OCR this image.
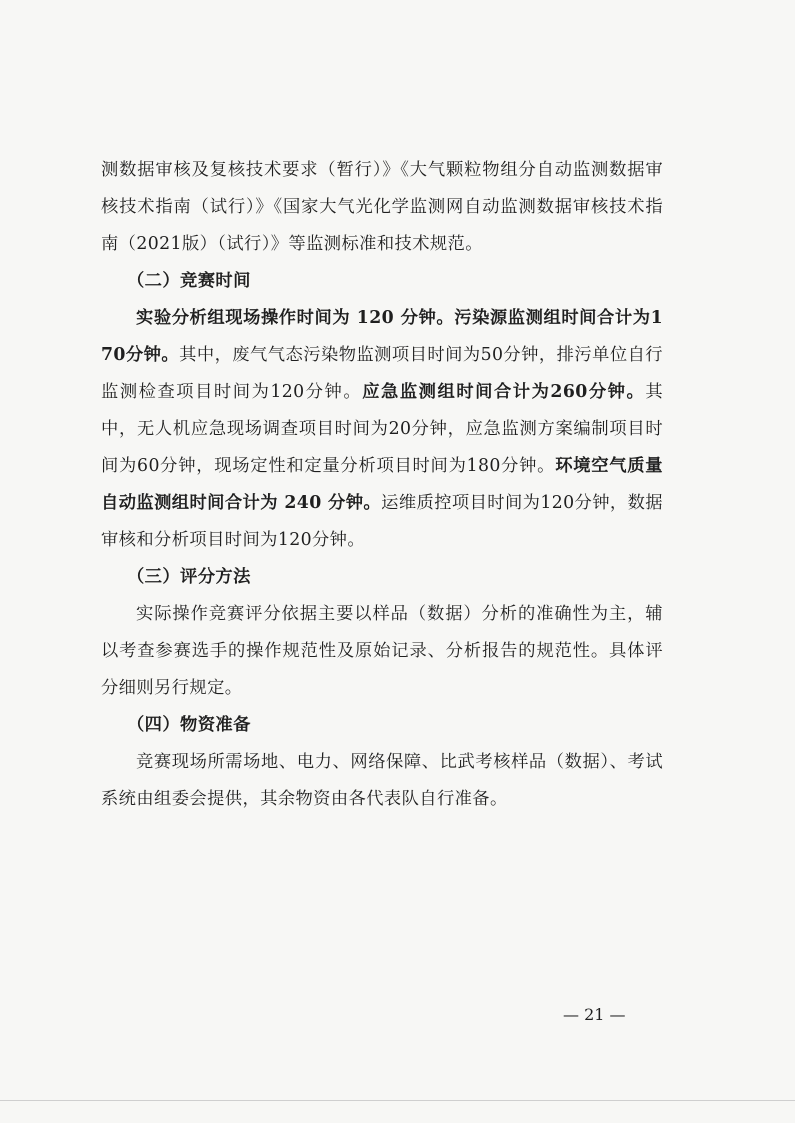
测数据审核及复核技术要求（暂行）》《大气颗粒物组分自动监测数据审核技术指南（试行）》《国家大气光化学监测网自动监测数据审核技术指南（2021版）（试行）》等监测标准和技术规范。

（二）竞赛时间

实验分析组现场操作时间为 120 分钟。污染源监测组时间合计为170分钟。其中，废气气态污染物监测项目时间为50分钟，排污单位自行监测检查项目时间为120分钟。应急监测组时间合计为260分钟。其中，无人机应急现场调查项目时间为20分钟，应急监测方案编制项目时间为60分钟，现场定性和定量分析项目时间为180分钟。环境空气质量自动监测组时间合计为 240 分钟。运维质控项目时间为120分钟，数据审核和分析项目时间为120分钟。

（三）评分方法

实际操作竞赛评分依据主要以样品（数据）分析的准确性为主，辅以考查参赛选手的操作规范性及原始记录、分析报告的规范性。具体评分细则另行规定。

（四）物资准备

竞赛现场所需场地、电力、网络保障、比武考核样品（数据）、考试系统由组委会提供，其余物资由各代表队自行准备。

— 21 —
